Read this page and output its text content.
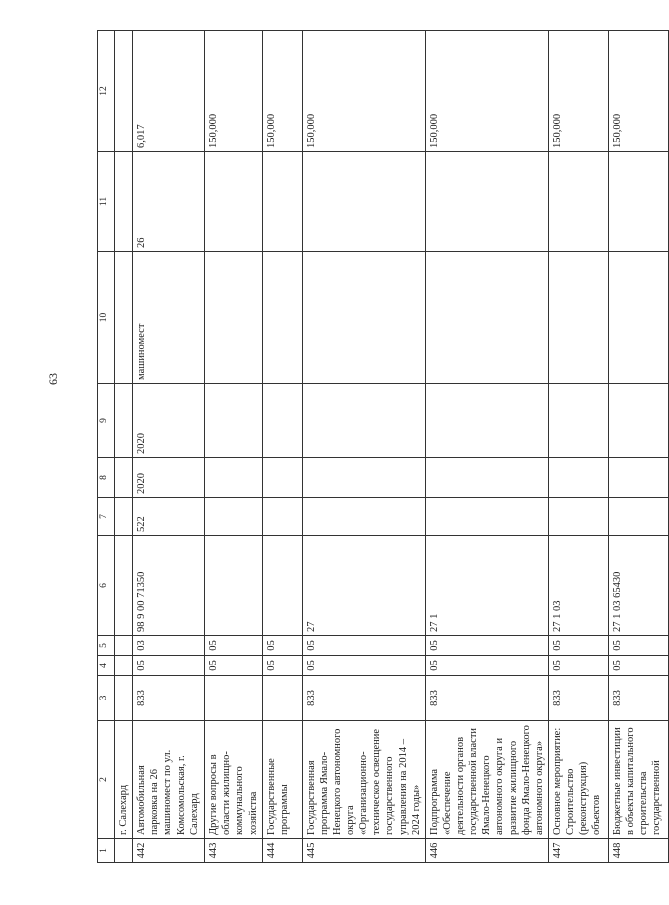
63
1	2	3	4	5	6	7	8	9	10	11	12
	г. Салехард										
442	Автомобильная парковка на 26 машиномест по ул. Комсомольская, г. Салехард	833	05	03	98 9 00 71350	522	2020	2020	машиномест	26	6,017
443	Другие вопросы в области жилищно-коммунального хозяйства		05	05							150,000
444	Государственные программы		05	05							150,000
445	Государственная программа Ямало-Ненецкого автономного округа «Организационно-техническое освещение государственного управления на 2014 – 2024 годы»	833	05	05	27						150,000
446	Подпрограмма «Обеспечение деятельности органов государственной власти Ямало-Ненецкого автономного округа и развитие жилищного фонда Ямало-Ненецкого автономного округа»	833	05	05	27 1						150,000
447	Основное мероприятие: Строительство (реконструкция) объектов	833	05	05	27 1 03						150,000
448	Бюджетные инвестиции в объекты капитального строительства государственной	833	05	05	27 1 03 65430						150,000
